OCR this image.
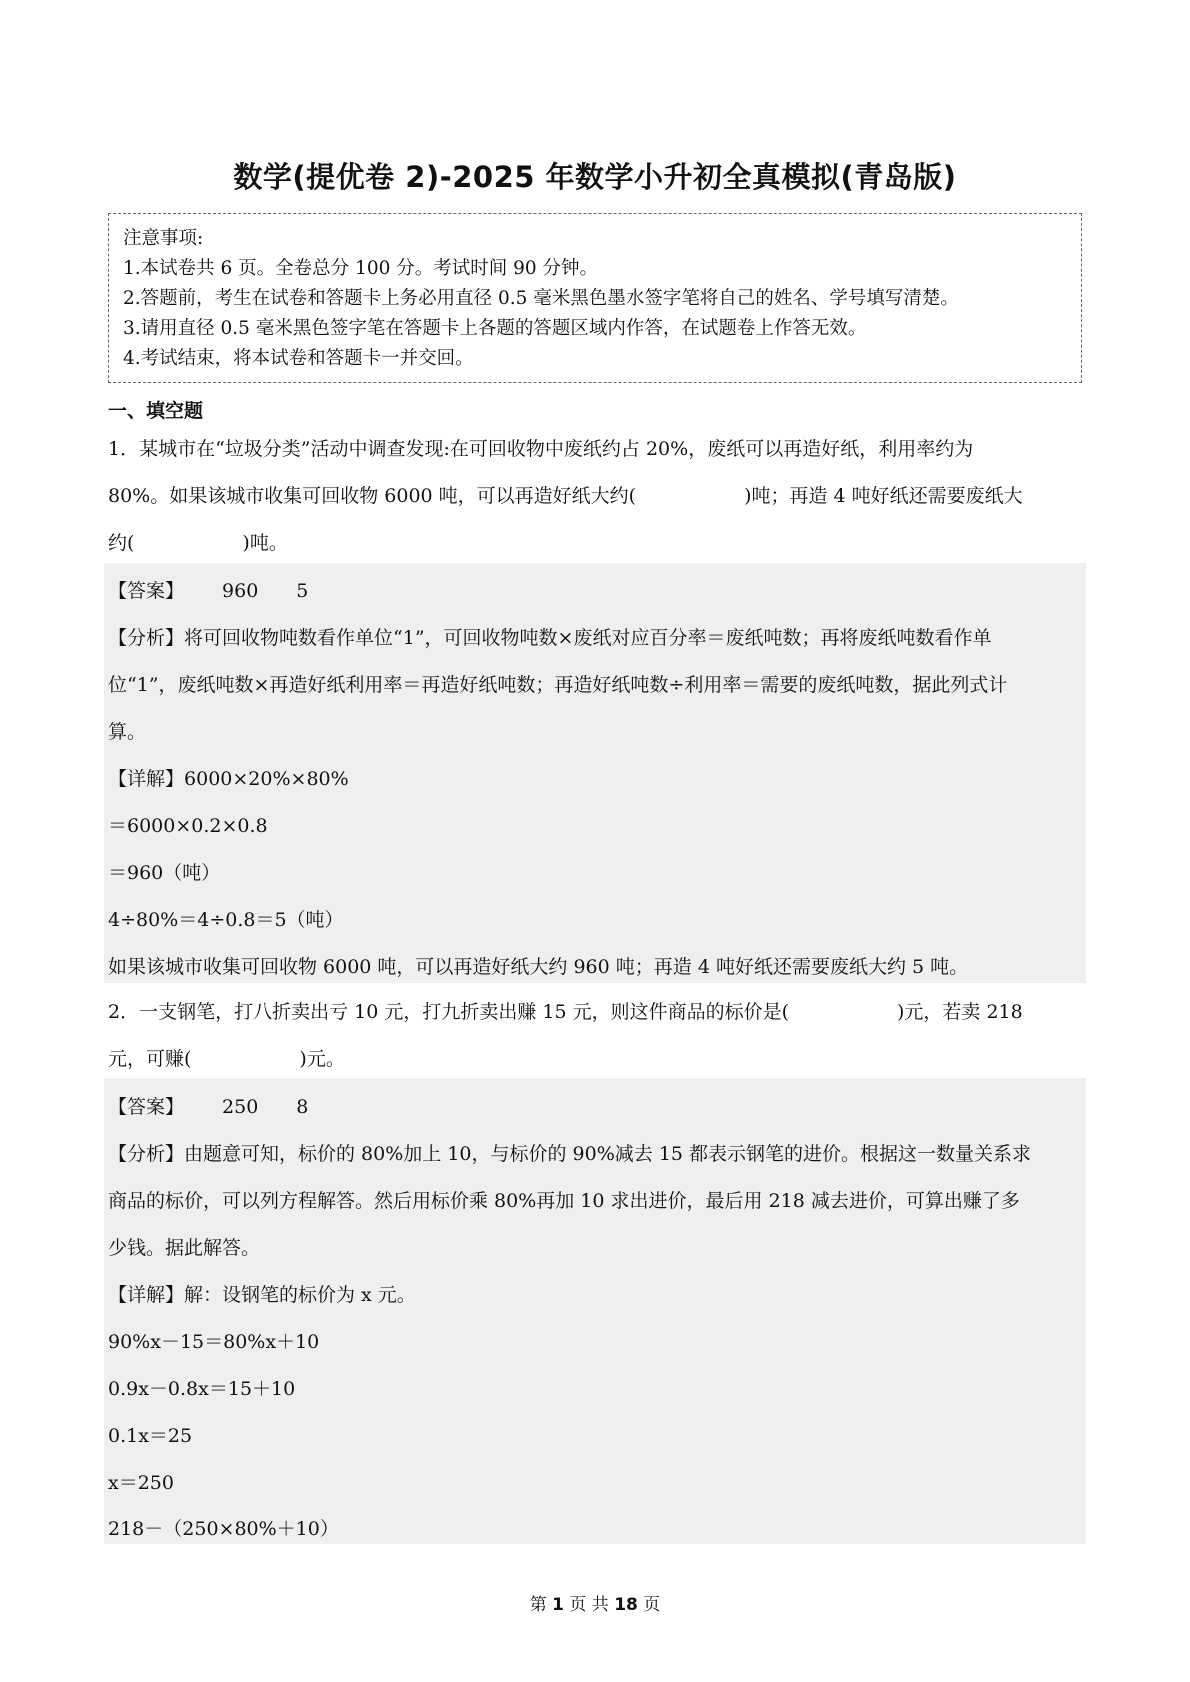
数学(提优卷 2)-2025 年数学小升初全真模拟(青岛版)
注意事项:
1.本试卷共 6 页。全卷总分 100 分。考试时间 90 分钟。
2.答题前，考生在试卷和答题卡上务必用直径 0.5 毫米黑色墨水签字笔将自己的姓名、学号填写清楚。
3.请用直径 0.5 毫米黑色签字笔在答题卡上各题的答题区域内作答，在试题卷上作答无效。
4.考试结束，将本试卷和答题卡一并交回。
一、填空题
1．某城市在“垃圾分类”活动中调查发现:在可回收物中废纸约占 20%，废纸可以再造好纸，利用率约为
80%。如果该城市收集可回收物 6000 吨，可以再造好纸大约(	)吨；再造 4 吨好纸还需要废纸大
约(	)吨。
【答案】 960 5
【分析】将可回收物吨数看作单位“1”，可回收物吨数×废纸对应百分率＝废纸吨数；再将废纸吨数看作单
位“1”，废纸吨数×再造好纸利用率＝再造好纸吨数；再造好纸吨数÷利用率＝需要的废纸吨数，据此列式计
算。
【详解】6000×20%×80%
＝6000×0.2×0.8
＝960（吨）
4÷80%＝4÷0.8＝5（吨）
如果该城市收集可回收物 6000 吨，可以再造好纸大约 960 吨；再造 4 吨好纸还需要废纸大约 5 吨。
2．一支钢笔，打八折卖出亏 10 元，打九折卖出赚 15 元，则这件商品的标价是(	)元，若卖 218
元，可赚(	)元。
【答案】 250 8
【分析】由题意可知，标价的 80%加上 10，与标价的 90%减去 15 都表示钢笔的进价。根据这一数量关系求
商品的标价，可以列方程解答。然后用标价乘 80%再加 10 求出进价，最后用 218 减去进价，可算出赚了多
少钱。据此解答。
【详解】解：设钢笔的标价为 x 元。
90%x－15＝80%x＋10
0.9x－0.8x＝15＋10
0.1x＝25
x＝250
218－（250×80%＋10）
第 1 页 共 18 页
